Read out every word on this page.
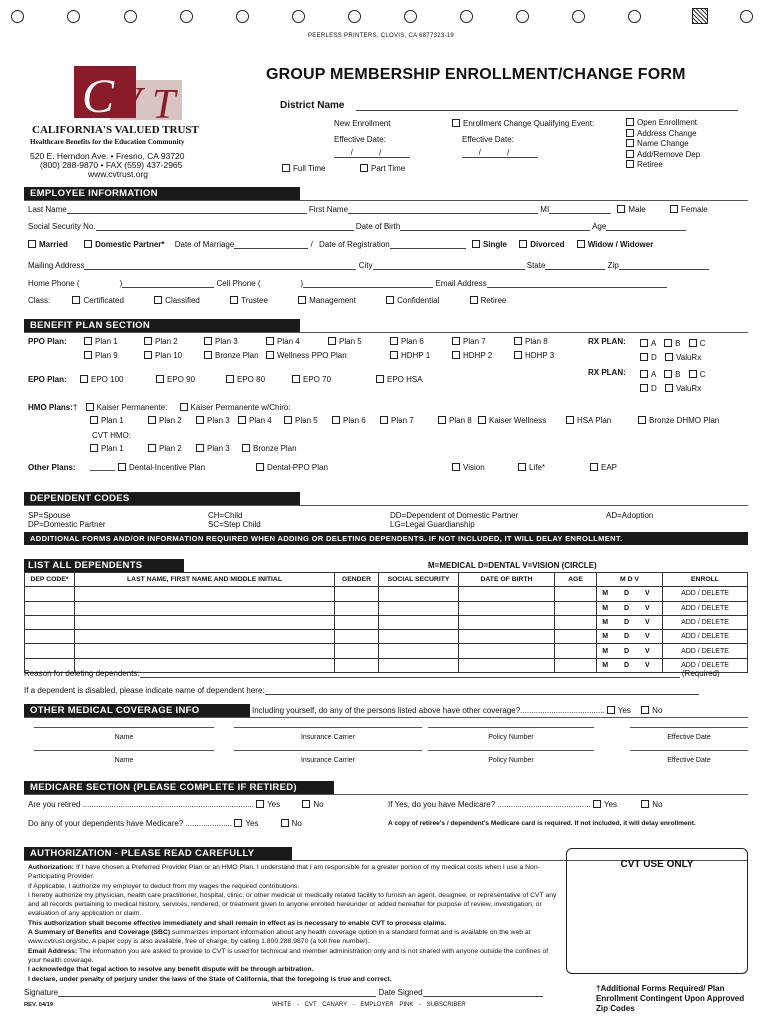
PEERLESS PRINTERS, CLOVIS, CA 6877323-19
C V T
CALIFORNIA'S VALUED TRUST
Healthcare Benefits for the Education Community
520 E. Herndon Ave. • Fresno, CA 93720
(800) 288-9870 • FAX (559) 437-2965
www.cvtrust.org
GROUP MEMBERSHIP ENROLLMENT/CHANGE FORM
District Name
New Enrollment
Effective Date:
/ /
Full Time	Part Time
Enrollment Change Qualifying Event:
Effective Date:
/ /
Open Enrollment
Address Change
Name Change
Add/Remove Dep
Retiree
EMPLOYEE INFORMATION
Last Name	First Name	MI	Male	Female
Social Security No.	Date of Birth	Age
Married	Domestic Partner* Date of Marriage	/ Date of Registration	Single	Divorced	Widow / Widower
Mailing Address	City	State	Zip
Home Phone (	)	Cell Phone (	)	Email Address
Class:	Certificated	Classified	Trustee	Management	Confidential	Retiree
BENEFIT PLAN SECTION
PPO Plan:	Plan 1	Plan 2	Plan 3	Plan 4	Plan 5	Plan 6	Plan 7	Plan 8
Plan 9	Plan 10	Bronze Plan	Wellness PPO Plan	HDHP 1	HDHP 2	HDHP 3
RX PLAN:	A B C
D ValuRx
EPO Plan:	EPO 100	EPO 90	EPO 80	EPO 70	EPO HSA
RX PLAN:	A B C
D ValuRx
HMO Plans:† Kaiser Permanente:	Kaiser Permanente w/Chiro:
Plan 1	Plan 2	Plan 3	Plan 4	Plan 5	Plan 6	Plan 7	Plan 8	Kaiser Wellness	HSA Plan	Bronze DHMO Plan
CVT HMO:
Plan 1	Plan 2	Plan 3	Bronze Plan
Other Plans:	Dental-Incentive Plan	Dental-PPO Plan	Vision	Life*	EAP
DEPENDENT CODES
SP=Spouse
DP=Domestic Partner
CH=Child
SC=Step Child
DD=Dependent of Domestic Partner
LG=Legal Guardianship
AD=Adoption
ADDITIONAL FORMS AND/OR INFORMATION REQUIRED WHEN ADDING OR DELETING DEPENDENTS. IF NOT INCLUDED, IT WILL DELAY ENROLLMENT.
LIST ALL DEPENDENTS	M=MEDICAL D=DENTAL V=VISION (CIRCLE)
DEP CODE*	LAST NAME, FIRST NAME AND MIDDLE INITIAL	GENDER	SOCIAL SECURITY	DATE OF BIRTH	AGE	M D V	ENROLL
						M D V	ADD / DELETE
						M D V	ADD / DELETE
						M D V	ADD / DELETE
						M D V	ADD / DELETE
						M D V	ADD / DELETE
						M D V	ADD / DELETE
Reason for deleting dependents:	(Required)
If a dependent is disabled, please indicate name of dependent here:
OTHER MEDICAL COVERAGE INFO	Including yourself, do any of the persons listed above have other coverage?...................................... Yes	No
Name	Insurance Carrier	Policy Number	Effective Date
Name	Insurance Carrier	Policy Number	Effective Date
MEDICARE SECTION (PLEASE COMPLETE IF RETIRED)
Are you retired ............................................................................. Yes	No	If Yes, do you have Medicare? .......................................... Yes	No
Do any of your dependents have Medicare? ..................... Yes	No	A copy of retiree's / dependent's Medicare card is required. If not included, it will delay enrollment.
AUTHORIZATION - PLEASE READ CAREFULLY

Authorization: If I have chosen a Preferred Provider Plan or an HMO Plan, I understand that I am responsible for a greater portion of my medical costs when I use a Non-Participating Provider.

If Applicable, I authorize my employer to deduct from my wages the required contributions.

I hereby authorize my physician, health care practitioner, hospital, clinic, or other medical or medically related facility to furnish an agent, designee, or representative of CVT any and all records pertaining to medical history, services, rendered, or treatment given to anyone enrolled hereunder or added hereafter for purpose of review, investigation, or evaluation of any application or claim.

This authorization shall become effective immediately and shall remain in effect as is necessary to enable CVT to process claims.

A Summary of Benefits and Coverage (SBC) summarizes important information about any health coverage option in a standard format and is available on the web at www.cvtrust.org/sbc. A paper copy is also available, free of charge, by calling 1.800.288.9870 (a toll free number).

Email Address: The information you are asked to provide to CVT is used for technical and member administration only and is not shared with anyone outside the confines of your health coverage.

I acknowledge that legal action to resolve any benefit dispute will be through arbitration.

I declare, under penalty of perjury under the laws of the State of California, that the foregoing is true and correct.

CVT USE ONLY
Signature	Date Signed
REV. 04/19	WHITE - CVT CANARY - EMPLOYER PINK - SUBSCRIBER
†Additional Forms Required/ Plan Enrollment Contingent Upon Approved Zip Codes
